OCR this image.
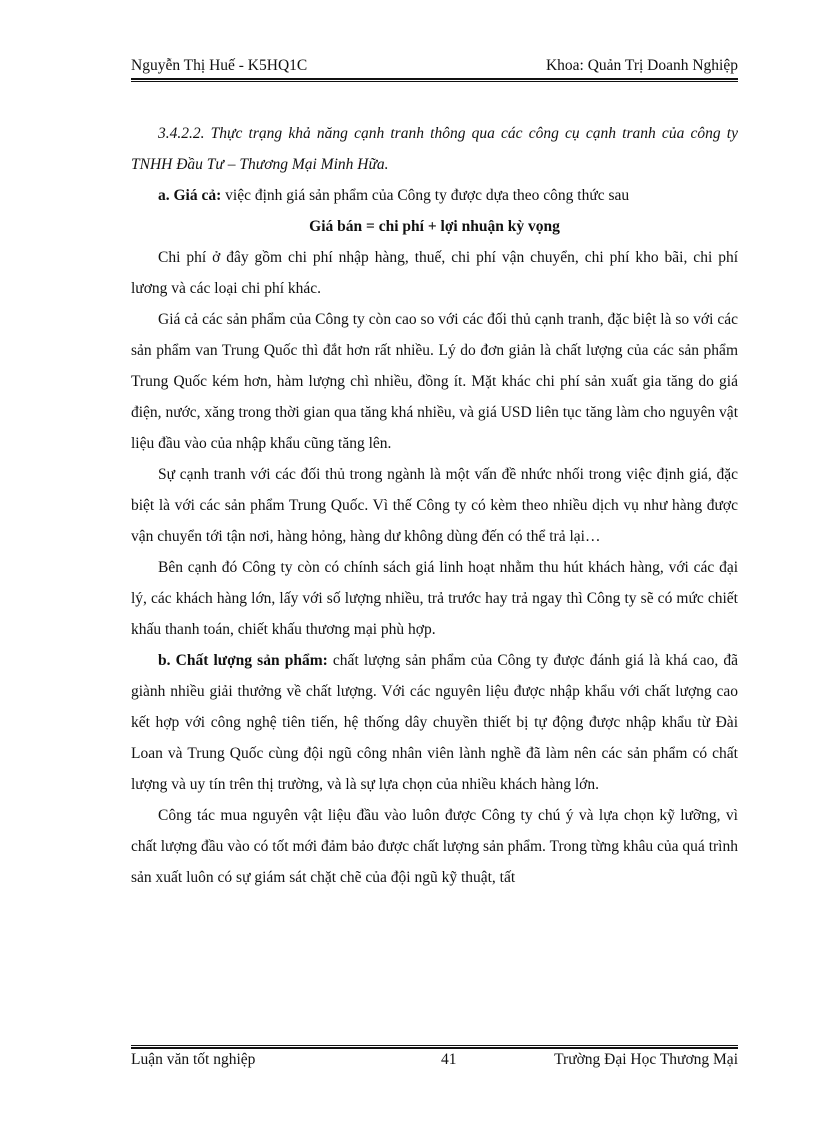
Nguyễn Thị Huế - K5HQ1C	Khoa: Quản Trị Doanh Nghiệp

3.4.2.2. Thực trạng khả năng cạnh tranh thông qua các công cụ cạnh tranh của công ty TNHH Đầu Tư – Thương Mại Minh Hữa.

a. Giá cả: việc định giá sản phẩm của Công ty được dựa theo công thức sau

Giá bán = chi phí + lợi nhuận kỳ vọng

Chi phí ở đây gồm chi phí nhập hàng, thuế, chi phí vận chuyển, chi phí kho bãi, chi phí lương và các loại chi phí khác.

Giá cả các sản phẩm của Công ty còn cao so với các đối thủ cạnh tranh, đặc biệt là so với các sản phẩm van Trung Quốc thì đắt hơn rất nhiều. Lý do đơn giản là chất lượng của các sản phẩm Trung Quốc kém hơn, hàm lượng chì nhiều, đồng ít. Mặt khác chi phí sản xuất gia tăng do giá điện, nước, xăng trong thời gian qua tăng khá nhiều, và giá USD liên tục tăng làm cho nguyên vật liệu đầu vào của nhập khẩu cũng tăng lên.

Sự cạnh tranh với các đối thủ trong ngành là một vấn đề nhức nhối trong việc định giá, đặc biệt là với các sản phẩm Trung Quốc. Vì thế Công ty có kèm theo nhiều dịch vụ như hàng được vận chuyển tới tận nơi, hàng hỏng, hàng dư không dùng đến có thể trả lại…

Bên cạnh đó Công ty còn có chính sách giá linh hoạt nhằm thu hút khách hàng, với các đại lý, các khách hàng lớn, lấy với số lượng nhiều, trả trước hay trả ngay thì Công ty sẽ có mức chiết khấu thanh toán, chiết khấu thương mại phù hợp.

b. Chất lượng sản phẩm: chất lượng sản phẩm của Công ty được đánh giá là khá cao, đã giành nhiều giải thưởng về chất lượng. Với các nguyên liệu được nhập khẩu với chất lượng cao kết hợp với công nghệ tiên tiến, hệ thống dây chuyền thiết bị tự động được nhập khẩu từ Đài Loan và Trung Quốc cùng đội ngũ công nhân viên lành nghề đã làm nên các sản phẩm có chất lượng và uy tín trên thị trường, và là sự lựa chọn của nhiều khách hàng lớn.

Công tác mua nguyên vật liệu đầu vào luôn được Công ty chú ý và lựa chọn kỹ lưỡng, vì chất lượng đầu vào có tốt mới đảm bảo được chất lượng sản phẩm. Trong từng khâu của quá trình sản xuất luôn có sự giám sát chặt chẽ của đội ngũ kỹ thuật, tất

Luận văn tốt nghiệp	41	Trường Đại Học Thương Mại
